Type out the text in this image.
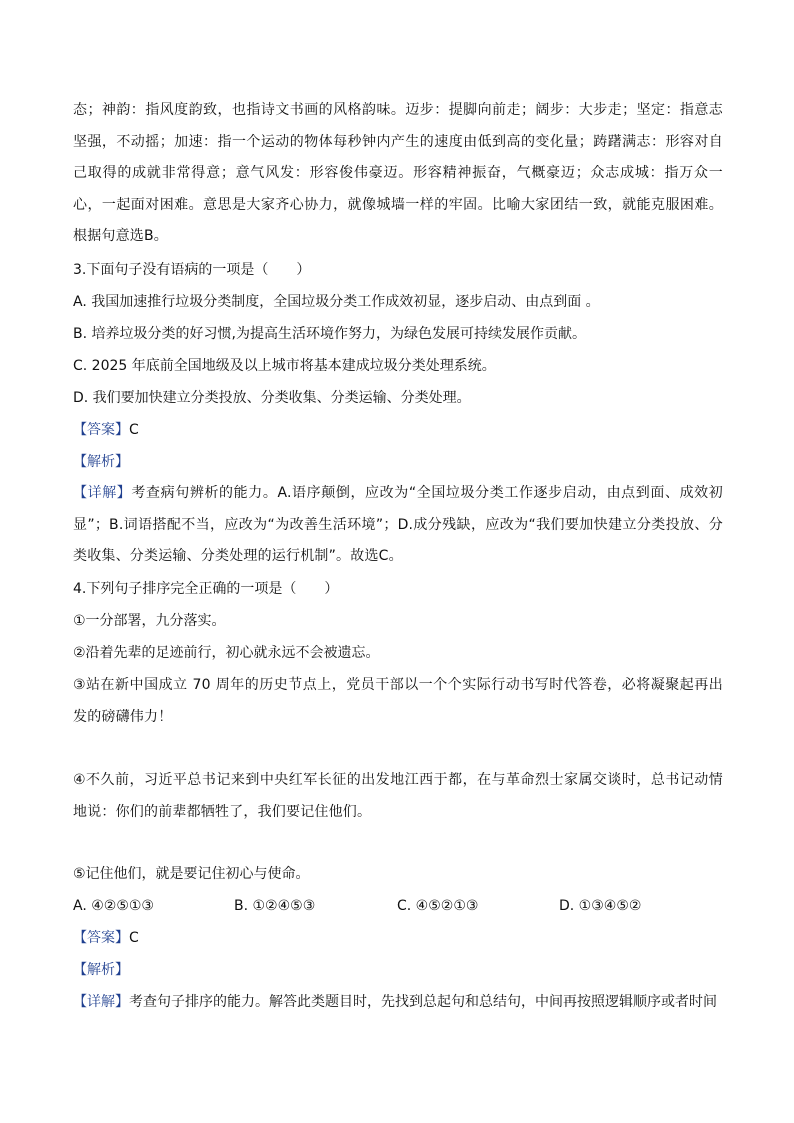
态；神韵：指风度韵致，也指诗文书画的风格韵味。迈步：提脚向前走；阔步：大步走；坚定：指意志坚强，不动摇；加速：指一个运动的物体每秒钟内产生的速度由低到高的变化量；踌躇满志：形容对自己取得的成就非常得意；意气风发：形容俊伟豪迈。形容精神振奋，气概豪迈；众志成城：指万众一心，一起面对困难。意思是大家齐心协力，就像城墙一样的牢固。比喻大家团结一致，就能克服困难。根据句意选B。

3.下面句子没有语病的一项是（　　）

A. 我国加速推行垃圾分类制度，全国垃圾分类工作成效初显，逐步启动、由点到面 。

B. 培养垃圾分类的好习惯,为提高生活环境作努力，为绿色发展可持续发展作贡献。

C. 2025 年底前全国地级及以上城市将基本建成垃圾分类处理系统。

D. 我们要加快建立分类投放、分类收集、分类运输、分类处理。

【答案】C

【解析】

【详解】考查病句辨析的能力。A.语序颠倒，应改为“全国垃圾分类工作逐步启动，由点到面、成效初显”；B.词语搭配不当，应改为“为改善生活环境”；D.成分残缺，应改为“我们要加快建立分类投放、分类收集、分类运输、分类处理的运行机制”。故选C。

4.下列句子排序完全正确的一项是（　　）

①一分部署，九分落实。

②沿着先辈的足迹前行，初心就永远不会被遗忘。

③站在新中国成立 70 周年的历史节点上，党员干部以一个个实际行动书写时代答卷，必将凝聚起再出发的磅礴伟力！

④不久前，习近平总书记来到中央红军长征的出发地江西于都，在与革命烈士家属交谈时，总书记动情地说：你们的前辈都牺牲了，我们要记住他们。

⑤记住他们，就是要记住初心与使命。

A. ④②⑤①③	B. ①②④⑤③	C. ④⑤②①③	D. ①③④⑤②

【答案】C

【解析】

【详解】考查句子排序的能力。解答此类题目时，先找到总起句和总结句，中间再按照逻辑顺序或者时间
